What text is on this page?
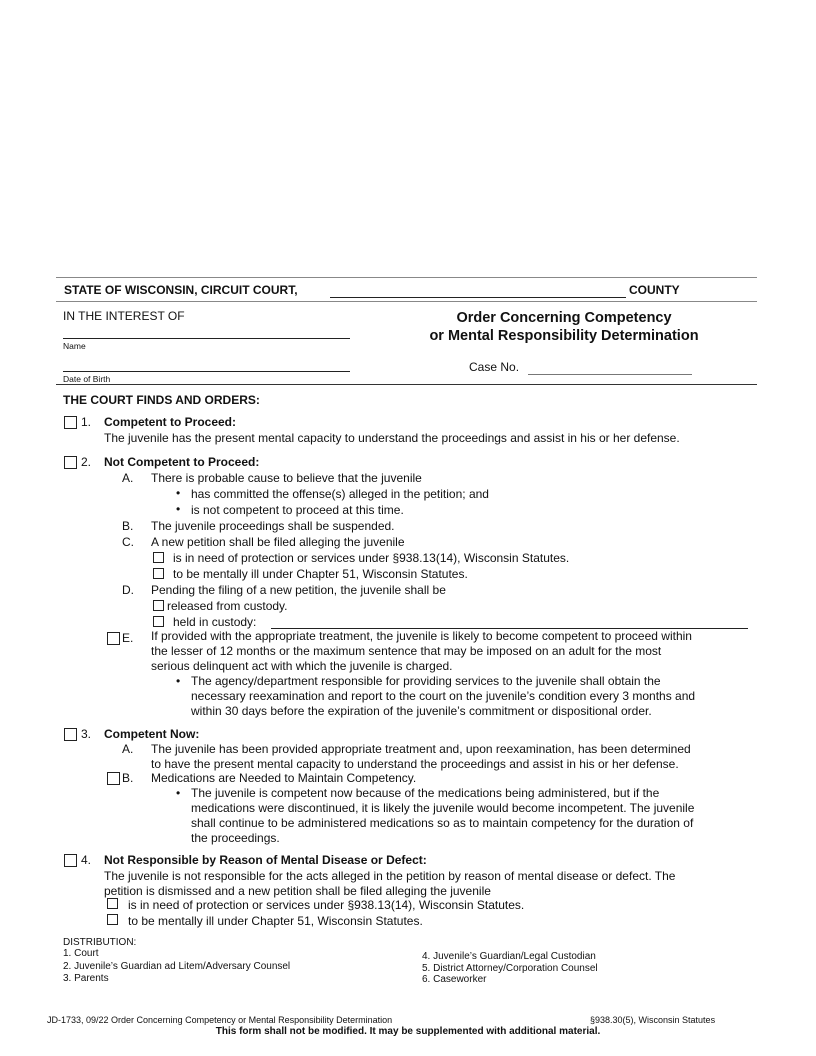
STATE OF WISCONSIN, CIRCUIT COURT,	COUNTY
IN THE INTEREST OF
Name
Date of Birth
Order Concerning Competency
or Mental Responsibility Determination
Case No.
THE COURT FINDS AND ORDERS:
1. Competent to Proceed:
The juvenile has the present mental capacity to understand the proceedings and assist in his or her defense.
2. Not Competent to Proceed:
A. There is probable cause to believe that the juvenile
• has committed the offense(s) alleged in the petition; and
• is not competent to proceed at this time.
B. The juvenile proceedings shall be suspended.
C. A new petition shall be filed alleging the juvenile
is in need of protection or services under §938.13(14), Wisconsin Statutes.
to be mentally ill under Chapter 51, Wisconsin Statutes.
D. Pending the filing of a new petition, the juvenile shall be
released from custody.
held in custody:
E. If provided with the appropriate treatment, the juvenile is likely to become competent to proceed within
the lesser of 12 months or the maximum sentence that may be imposed on an adult for the most
serious delinquent act with which the juvenile is charged.
• The agency/department responsible for providing services to the juvenile shall obtain the
necessary reexamination and report to the court on the juvenile’s condition every 3 months and
within 30 days before the expiration of the juvenile’s commitment or dispositional order.
3. Competent Now:
A. The juvenile has been provided appropriate treatment and, upon reexamination, has been determined
to have the present mental capacity to understand the proceedings and assist in his or her defense.
B. Medications are Needed to Maintain Competency.
• The juvenile is competent now because of the medications being administered, but if the
medications were discontinued, it is likely the juvenile would become incompetent. The juvenile
shall continue to be administered medications so as to maintain competency for the duration of
the proceedings.
4. Not Responsible by Reason of Mental Disease or Defect:
The juvenile is not responsible for the acts alleged in the petition by reason of mental disease or defect. The
petition is dismissed and a new petition shall be filed alleging the juvenile
is in need of protection or services under §938.13(14), Wisconsin Statutes.
to be mentally ill under Chapter 51, Wisconsin Statutes.
DISTRIBUTION:
1. Court
2. Juvenile’s Guardian ad Litem/Adversary Counsel
3. Parents
4. Juvenile’s Guardian/Legal Custodian
5. District Attorney/Corporation Counsel
6. Caseworker
JD-1733, 09/22 Order Concerning Competency or Mental Responsibility Determination	§938.30(5), Wisconsin Statutes
This form shall not be modified. It may be supplemented with additional material.
